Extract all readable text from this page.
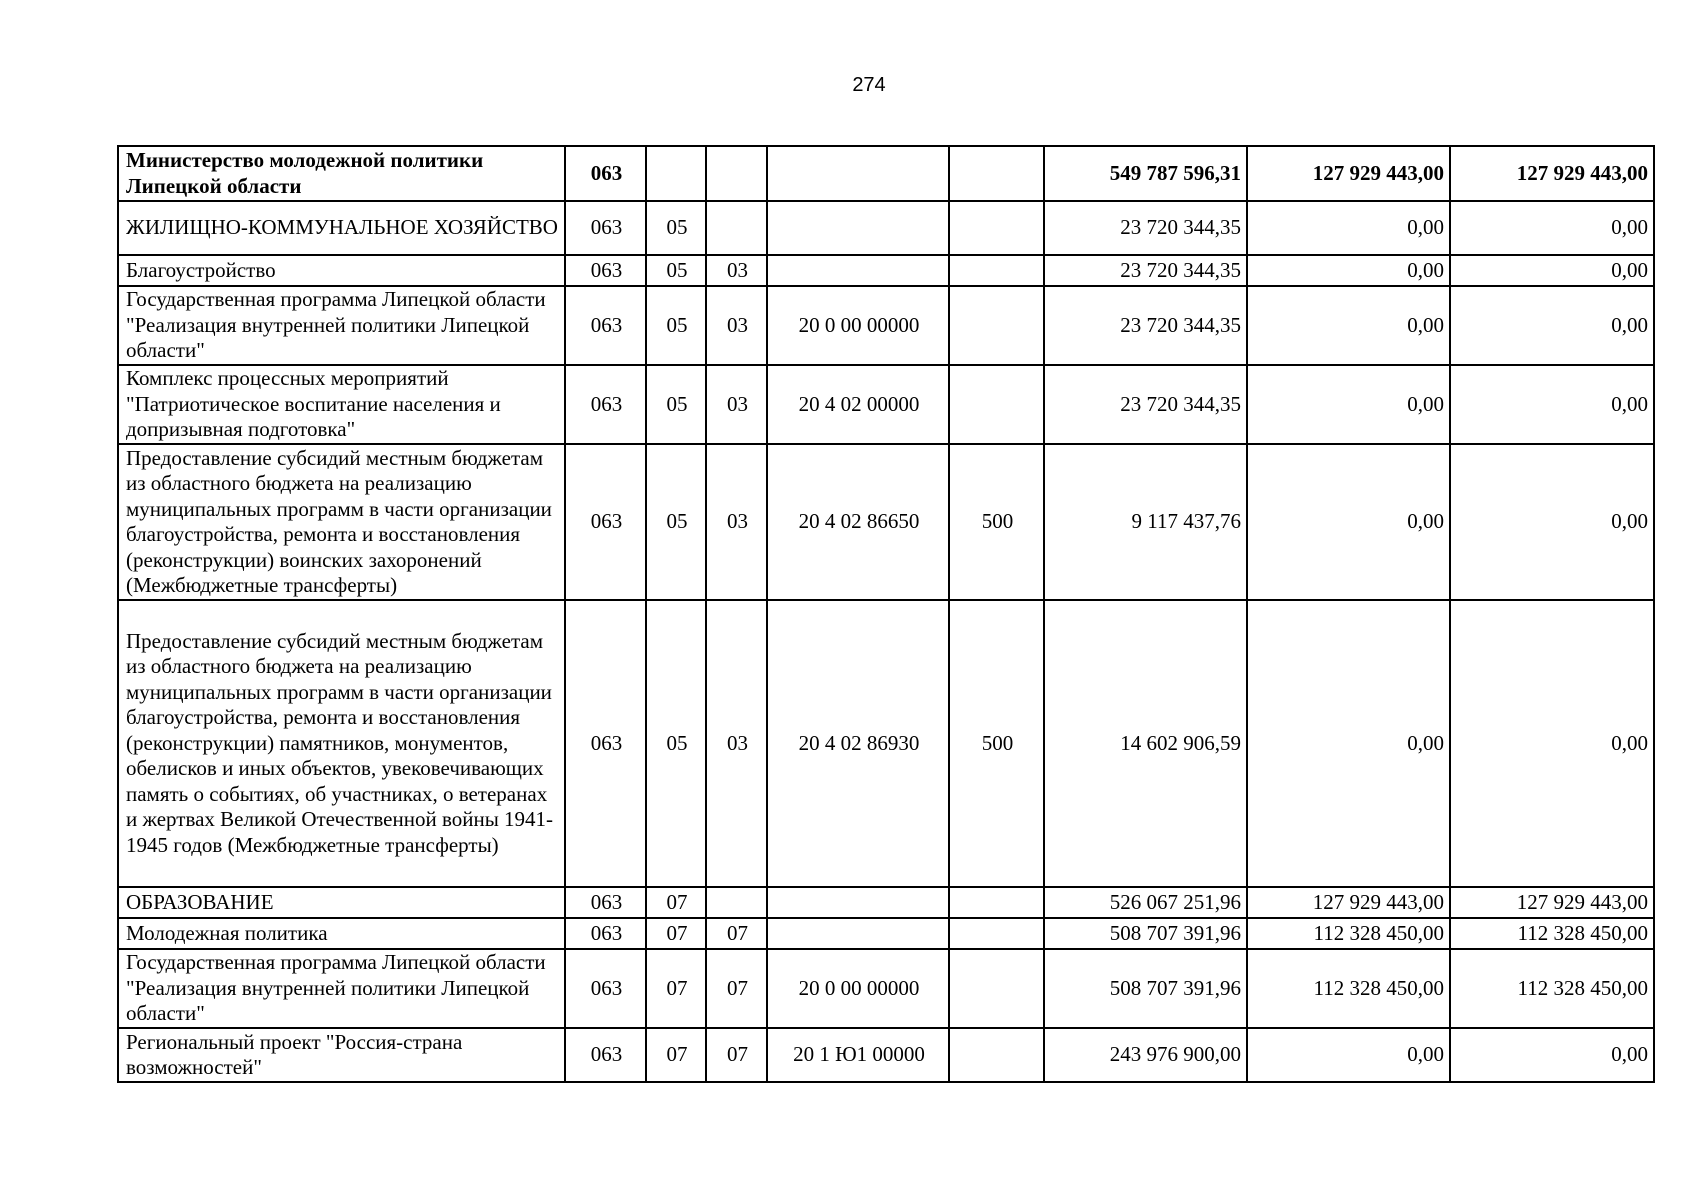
274
Министерство молодежной политики Липецкой области	063					549 787 596,31	127 929 443,00	127 929 443,00
ЖИЛИЩНО-КОММУНАЛЬНОЕ ХОЗЯЙСТВО	063	05				23 720 344,35	0,00	0,00
Благоустройство	063	05	03			23 720 344,35	0,00	0,00
Государственная программа Липецкой области "Реализация внутренней политики Липецкой области"	063	05	03	20 0 00 00000		23 720 344,35	0,00	0,00
Комплекс процессных мероприятий "Патриотическое воспитание населения и допризывная подготовка"	063	05	03	20 4 02 00000		23 720 344,35	0,00	0,00
Предоставление субсидий местным бюджетам из областного бюджета на реализацию муниципальных программ в части организации благоустройства, ремонта и восстановления (реконструкции) воинских захоронений (Межбюджетные трансферты)	063	05	03	20 4 02 86650	500	9 117 437,76	0,00	0,00
Предоставление субсидий местным бюджетам из областного бюджета на реализацию муниципальных программ в части организации благоустройства, ремонта и восстановления (реконструкции) памятников, монументов, обелисков и иных объектов, увековечивающих память о событиях, об участниках, о ветеранах и жертвах Великой Отечественной войны 1941-1945 годов (Межбюджетные трансферты)	063	05	03	20 4 02 86930	500	14 602 906,59	0,00	0,00
ОБРАЗОВАНИЕ	063	07				526 067 251,96	127 929 443,00	127 929 443,00
Молодежная политика	063	07	07			508 707 391,96	112 328 450,00	112 328 450,00
Государственная программа Липецкой области "Реализация внутренней политики Липецкой области"	063	07	07	20 0 00 00000		508 707 391,96	112 328 450,00	112 328 450,00
Региональный проект "Россия-страна возможностей"	063	07	07	20 1 Ю1 00000		243 976 900,00	0,00	0,00
